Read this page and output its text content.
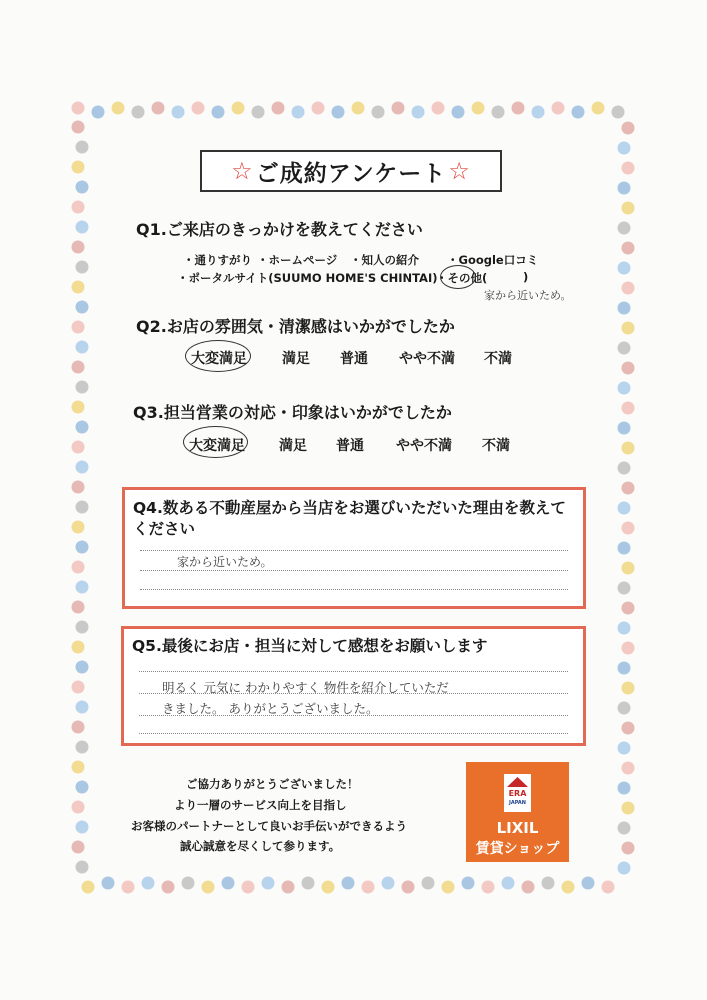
☆ ご成約アンケート ☆
Q1.ご来店のきっかけを教えてください
・通りすがり ・ホームページ ・知人の紹介 ・Google口コミ
・ポータルサイト(SUUMO HOME'S CHINTAI)
・その他(	)
家から近いため。
Q2.お店の雰囲気・清潔感はいかがでしたか
大変満足	満足 普通 やや不満 不満
Q3.担当営業の対応・印象はいかがでしたか
大変満足 満足 普通 やや不満 不満
Q4.数ある不動産屋から当店をお選びいただいた理由を教えて
ください
家から近いため。
Q5.最後にお店・担当に対して感想をお願いします
明るく 元気に わかりやすく 物件を紹介していただ
きました。 ありがとうございました。
ご協力ありがとうございました！
より一層のサービス向上を目指し
お客様のパートナーとして良いお手伝いができるよう
誠心誠意を尽くして参ります。
ERA
JAPAN
LIXIL
賃貸ショップ
